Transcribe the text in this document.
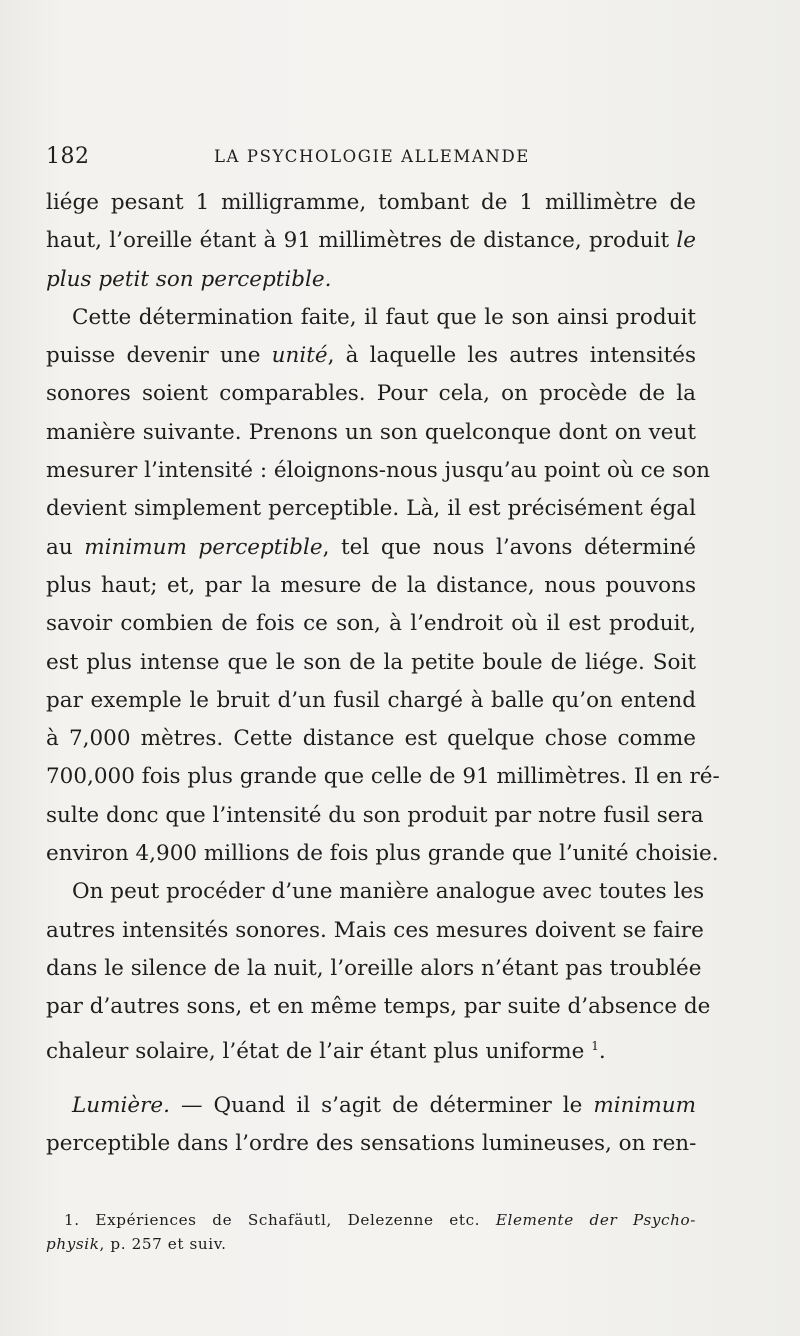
182	LA PSYCHOLOGIE ALLEMANDE
liége pesant 1 milligramme, tombant de 1 millimètre de
haut, l’oreille étant à 91 millimètres de distance, produit le
plus petit son perceptible.
Cette détermination faite, il faut que le son ainsi produit
puisse devenir une unité, à laquelle les autres intensités
sonores soient comparables. Pour cela, on procède de la
manière suivante. Prenons un son quelconque dont on veut
mesurer l’intensité : éloignons-nous jusqu’au point où ce son
devient simplement perceptible. Là, il est précisément égal
au minimum perceptible, tel que nous l’avons déterminé
plus haut; et, par la mesure de la distance, nous pouvons
savoir combien de fois ce son, à l’endroit où il est produit,
est plus intense que le son de la petite boule de liége. Soit
par exemple le bruit d’un fusil chargé à balle qu’on entend
à 7,000 mètres. Cette distance est quelque chose comme
700,000 fois plus grande que celle de 91 millimètres. Il en ré-
sulte donc que l’intensité du son produit par notre fusil sera
environ 4,900 millions de fois plus grande que l’unité choisie.
On peut procéder d’une manière analogue avec toutes les
autres intensités sonores. Mais ces mesures doivent se faire
dans le silence de la nuit, l’oreille alors n’étant pas troublée
par d’autres sons, et en même temps, par suite d’absence de
chaleur solaire, l’état de l’air étant plus uniforme $^1$.
Lumière. — Quand il s’agit de déterminer le minimum
perceptible dans l’ordre des sensations lumineuses, on ren-
1. Expériences de Schafäutl, Delezenne etc. Elemente der Psycho-
physik, p. 257 et suiv.
